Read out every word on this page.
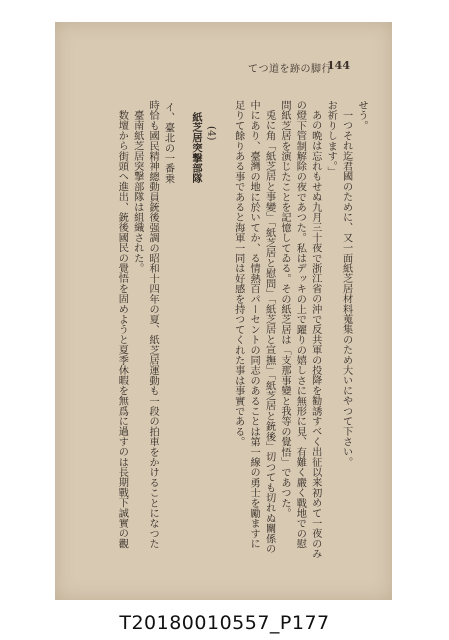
てつ道を跡の脚行
144

せう。

一つそれ迄君國のために、又一面紙芝居材料蒐集のため大いにやつて下さい。

お祈りします。」

あの晩は忘れもせぬ九月三十夜で浙江省の沖で反共軍の投降を勧誘すべく出征以来初めて一夜のみ

の燈下管制解除の夜であつた。私はデッキの上で躍りの嬉しさに無形に見、有難く嚴く戰地での慰

問紙芝居を演じたことを記憶してゐる。その紙芝居は「支那事變と我等の覺悟」であつた。

兎に角「紙芝居と事變」「紙芝居と慰問」「紙芝居と宣撫」「紙芝居と銃後」切つても切れぬ關係の

中にあり、臺灣の地に於いてか、る情熱百パーセントの同志のあることは第一線の勇士を勵ますに

足りて餘りある事であると海軍一同は好感を持つてくれた事は事實である。

(4)

紙芝居突撃部隊

イ、臺北の一番乗

時恰も國民精神總動員銃後强調の昭和十四年の夏、紙芝居運動も一段の拍車をかけることになつた

臺南紙芝居突撃部隊は組織された。

数壇から街頭へ進出、銃後國民の覺悟を固めようと夏季休暇を無爲に過すのは長期戰下誠實の觀

T20180010557_P177
